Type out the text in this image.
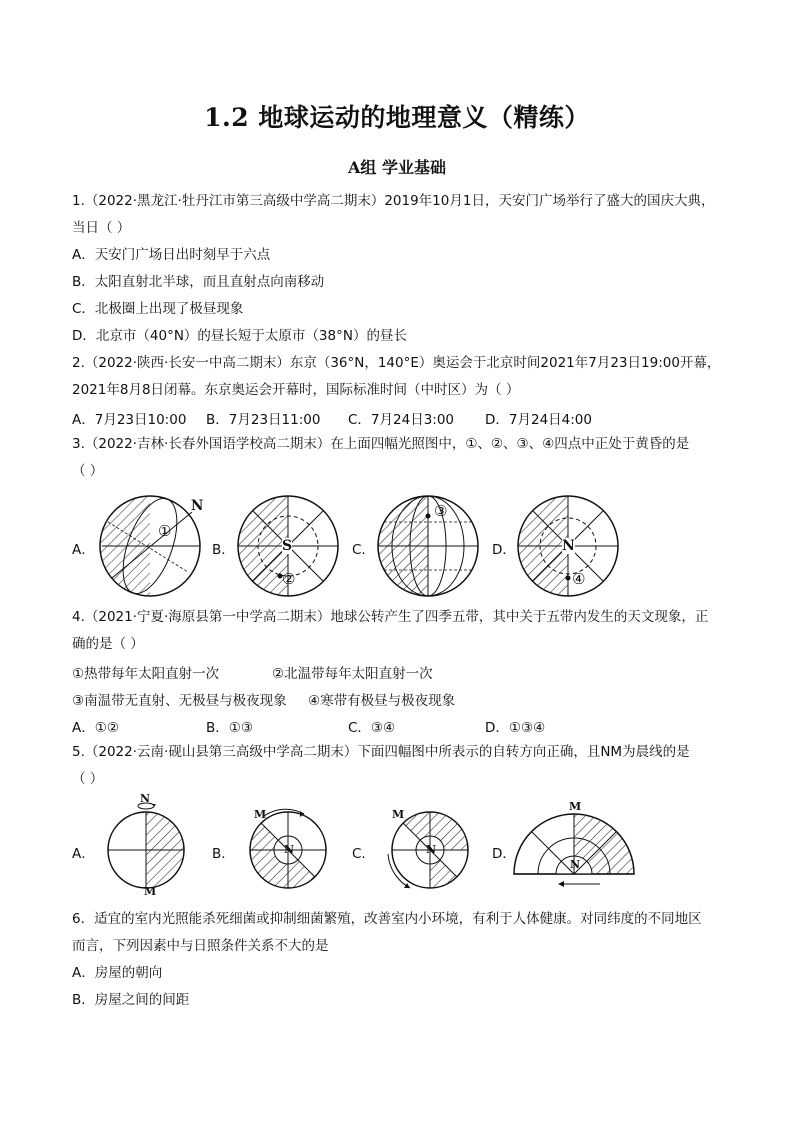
1.2 地球运动的地理意义（精练）
A组 学业基础
1.（2022·黑龙江·牡丹江市第三高级中学高二期末）2019年10月1日，天安门广场举行了盛大的国庆大典，
当日（ ）
A．天安门广场日出时刻早于六点
B．太阳直射北半球，而且直射点向南移动
C．北极圈上出现了极昼现象
D．北京市（40°N）的昼长短于太原市（38°N）的昼长
2.（2022·陕西·长安一中高二期末）东京（36°N，140°E）奥运会于北京时间2021年7月23日19:00开幕，
2021年8月8日闭幕。东京奥运会开幕时，国际标准时间（中时区）为（ ）
A．7月23日10:00 B．7月23日11:00 C．7月24日3:00 D．7月24日4:00
3.（2022·吉林·长春外国语学校高二期末）在上面四幅光照图中，①、②、③、④四点中正处于黄昏的是
（ ）
A．
N
①
B．	S
②
C．
③
D．	N
④
4.（2021·宁夏·海原县第一中学高二期末）地球公转产生了四季五带，其中关于五带内发生的天文现象，正
确的是（ ）
①热带每年太阳直射一次	②北温带每年太阳直射一次
③南温带无直射、无极昼与极夜现象 ④寒带有极昼与极夜现象
A．①②	B．①③	C．③④	D．①③④
5.（2022·云南·砚山县第三高级中学高二期末）下面四幅图中所表示的自转方向正确，且NM为晨线的是
（ ）
A．
N
M
B．
M
N	C．
M
N	D．
M
N
6．适宜的室内光照能杀死细菌或抑制细菌繁殖，改善室内小环境，有利于人体健康。对同纬度的不同地区
而言，下列因素中与日照条件关系不大的是
A．房屋的朝向
B．房屋之间的间距
